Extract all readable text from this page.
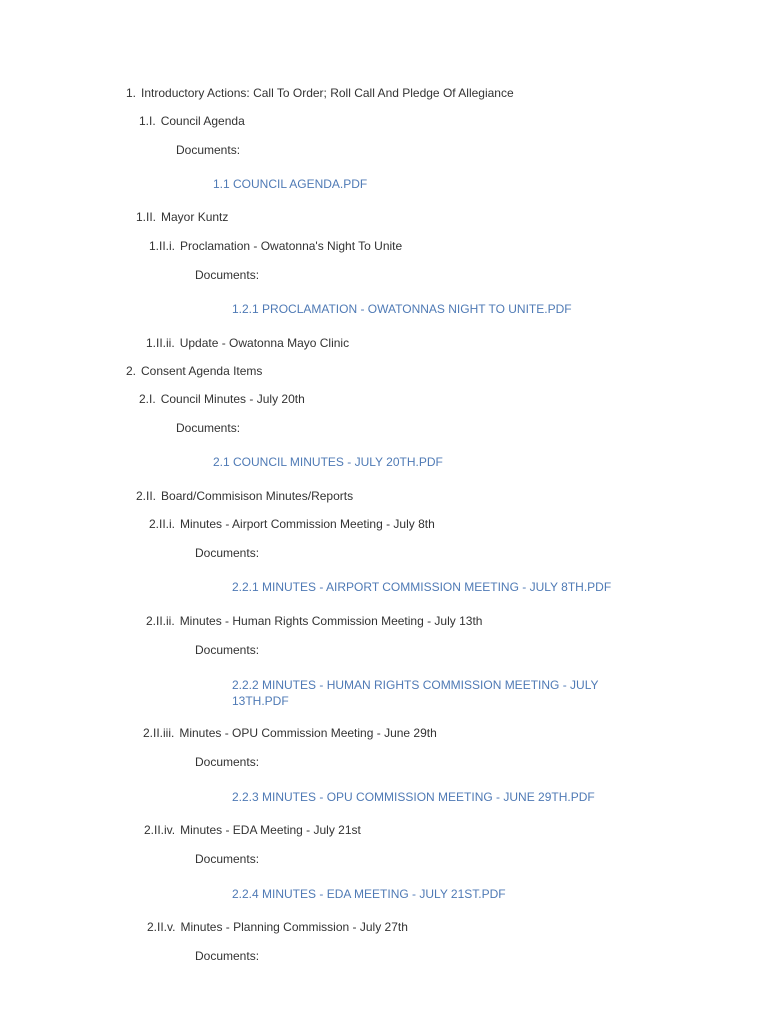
1. Introductory Actions: Call To Order; Roll Call And Pledge Of Allegiance
1.I. Council Agenda
Documents:
1.1 COUNCIL AGENDA.PDF
1.II. Mayor Kuntz
1.II.i. Proclamation - Owatonna's Night To Unite
Documents:
1.2.1 PROCLAMATION - OWATONNAS NIGHT TO UNITE.PDF
1.II.ii. Update - Owatonna Mayo Clinic
2. Consent Agenda Items
2.I. Council Minutes - July 20th
Documents:
2.1 COUNCIL MINUTES - JULY 20TH.PDF
2.II. Board/Commisison Minutes/Reports
2.II.i. Minutes - Airport Commission Meeting - July 8th
Documents:
2.2.1 MINUTES - AIRPORT COMMISSION MEETING - JULY 8TH.PDF
2.II.ii. Minutes - Human Rights Commission Meeting - July 13th
Documents:
2.2.2 MINUTES - HUMAN RIGHTS COMMISSION MEETING - JULY 13TH.PDF
2.II.iii. Minutes - OPU Commission Meeting - June 29th
Documents:
2.2.3 MINUTES - OPU COMMISSION MEETING - JUNE 29TH.PDF
2.II.iv. Minutes - EDA Meeting - July 21st
Documents:
2.2.4 MINUTES - EDA MEETING - JULY 21ST.PDF
2.II.v. Minutes - Planning Commission - July 27th
Documents:
